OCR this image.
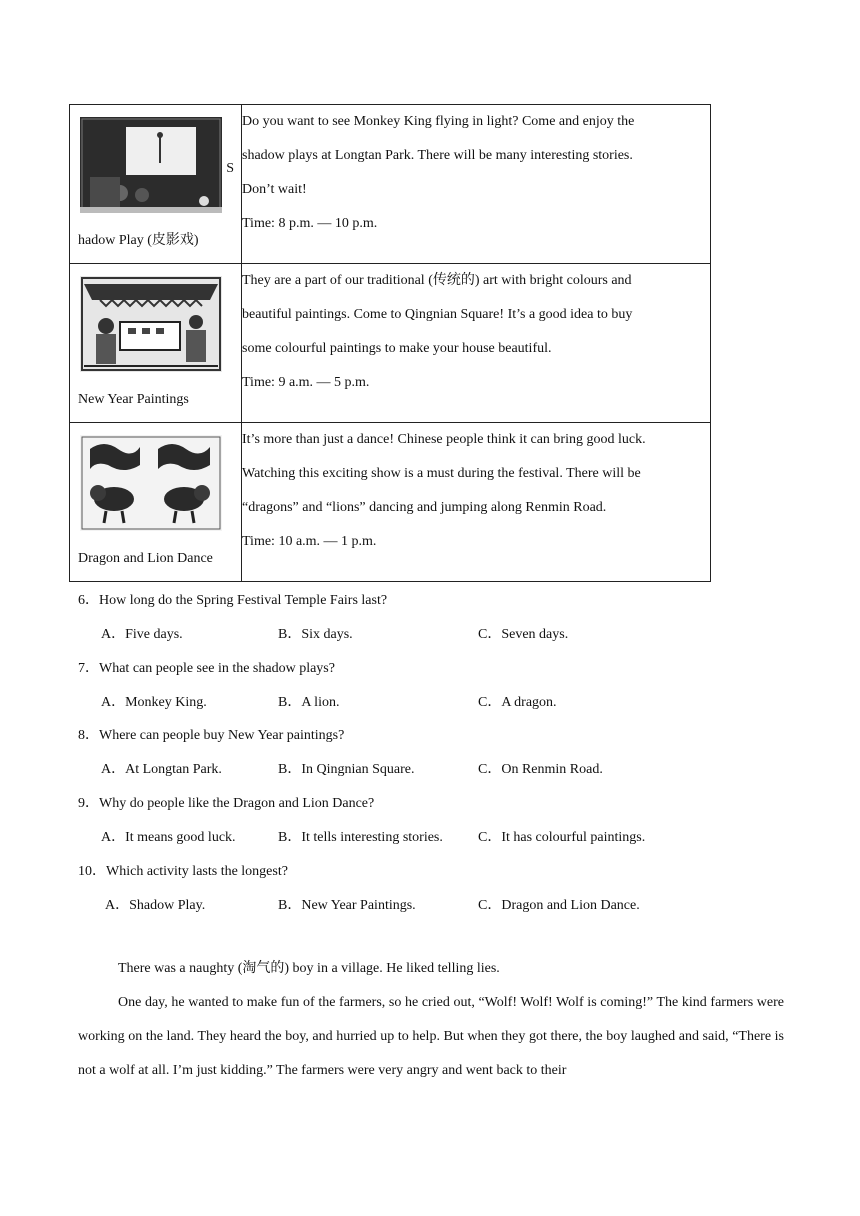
S
hadow Play (皮影戏)	Do you want to see Monkey King flying in light? Come and enjoy the
shadow plays at Longtan Park. There will be many interesting stories.
Don’t wait!
Time: 8 p.m. — 10 p.m.

New Year Paintings	They are a part of our traditional (传统的) art with bright colours and
beautiful paintings. Come to Qingnian Square! It’s a good idea to buy
some colourful paintings to make your house beautiful.
Time: 9 a.m. — 5 p.m.

Dragon and Lion Dance	It’s more than just a dance! Chinese people think it can bring good luck.
Watching this exciting show is a must during the festival. There will be
“dragons” and “lions” dancing and jumping along Renmin Road.
Time: 10 a.m. — 1 p.m.

6．How long do the Spring Festival Temple Fairs last?
A．Five days.	B．Six days.	C．Seven days.
7．What can people see in the shadow plays?
A．Monkey King.	B．A lion.	C．A dragon.
8．Where can people buy New Year paintings?
A．At Longtan Park.	B．In Qingnian Square.	C．On Renmin Road.
9．Why do people like the Dragon and Lion Dance?
A．It means good luck.	B．It tells interesting stories.	C．It has colourful paintings.
10．Which activity lasts the longest?
A．Shadow Play.	B．New Year Paintings.	C．Dragon and Lion Dance.

There was a naughty (淘气的) boy in a village. He liked telling lies.

One day, he wanted to make fun of the farmers, so he cried out, “Wolf! Wolf! Wolf is coming!” The kind farmers were working on the land. They heard the boy, and hurried up to help. But when they got there, the boy laughed and said, “There is not a wolf at all. I’m just kidding.” The farmers were very angry and went back to their
